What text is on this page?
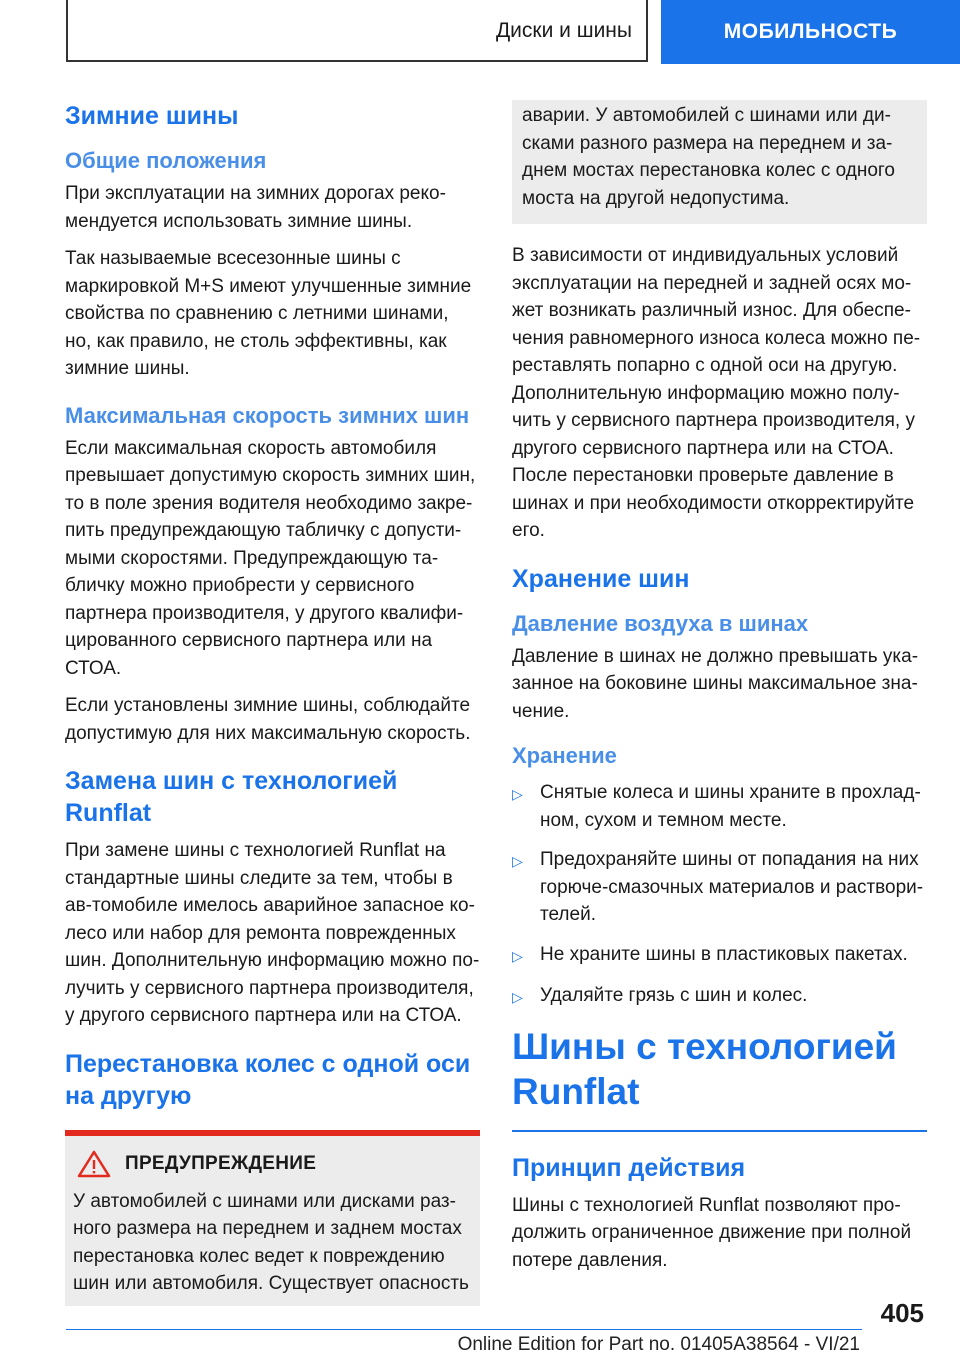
Диски и шины	МОБИЛЬНОСТЬ
Зимние шины
Общие положения

При эксплуатации на зимних дорогах реко-мендуется использовать зимние шины.

Так называемые всесезонные шины с маркировкой M+S имеют улучшенные зимние свойства по сравнению с летними шинами, но, как правило, не столь эффективны, как зимние шины.

Максимальная скорость зимних шин

Если максимальная скорость автомобиля превышает допустимую скорость зимних шин, то в поле зрения водителя необходимо закре-пить предупреждающую табличку с допусти-мыми скоростями. Предупреждающую та-бличку можно приобрести у сервисного партнера производителя, у другого квалифи-цированного сервисного партнера или на СТОА.

Если установлены зимние шины, соблюдайте допустимую для них максимальную скорость.

Замена шин с технологией Runflat

При замене шины с технологией Runflat на стандартные шины следите за тем, чтобы в ав-томобиле имелось аварийное запасное ко-лесо или набор для ремонта поврежденных шин. Дополнительную информацию можно по-лучить у сервисного партнера производителя, у другого сервисного партнера или на СТОА.

Перестановка колес с одной оси на другую
ПРЕДУПРЕЖДЕНИЕ

У автомобилей с шинами или дисками раз-ного размера на переднем и заднем мостах перестановка колес ведет к повреждению шин или автомобиля. Существует опасность

аварии. У автомобилей с шинами или ди-сками разного размера на переднем и за-днем мостах перестановка колес с одного моста на другой недопустима.

В зависимости от индивидуальных условий эксплуатации на передней и задней осях мо-жет возникать различный износ. Для обеспе-чения равномерного износа колеса можно пе-реставлять попарно с одной оси на другую. Дополнительную информацию можно полу-чить у сервисного партнера производителя, у другого сервисного партнера или на СТОА. После перестановки проверьте давление в шинах и при необходимости откорректируйте его.

Хранение шин
Давление воздуха в шинах

Давление в шинах не должно превышать ука-занное на боковине шины максимальное зна-чение.

Хранение
▷ Снятые колеса и шины храните в прохлад-ном, сухом и темном месте.
▷ Предохраняйте шины от попадания на них горюче-смазочных материалов и раствори-телей.
▷ Не храните шины в пластиковых пакетах.
▷ Удаляйте грязь с шин и колес.
Шины с технологией Runflat
Принцип действия

Шины с технологией Runflat позволяют про-должить ограниченное движение при полной потере давления.

405
Online Edition for Part no. 01405A38564 - VI/21
